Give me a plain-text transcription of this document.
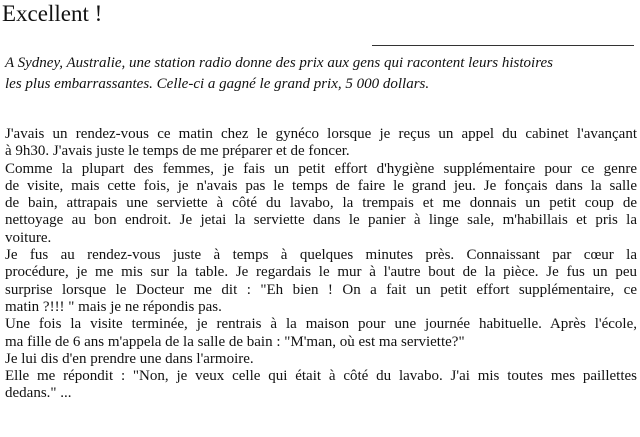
Excellent !

A Sydney, Australie, une station radio donne des prix aux gens qui racontent leurs histoires
les plus embarrassantes. Celle-ci a gagné le grand prix, 5 000 dollars.

J'avais un rendez-vous ce matin chez le gynéco lorsque je reçus un appel du cabinet l'avançant
à 9h30. J'avais juste le temps de me préparer et de foncer.
Comme la plupart des femmes, je fais un petit effort d'hygiène supplémentaire pour ce genre
de visite, mais cette fois, je n'avais pas le temps de faire le grand jeu. Je fonçais dans la salle
de bain, attrapais une serviette à côté du lavabo, la trempais et me donnais un petit coup de
nettoyage au bon endroit. Je jetai la serviette dans le panier à linge sale, m'habillais et pris la
voiture.
Je fus au rendez-vous juste à temps à quelques minutes près. Connaissant par cœur la
procédure, je me mis sur la table. Je regardais le mur à l'autre bout de la pièce. Je fus un peu
surprise lorsque le Docteur me dit : "Eh bien ! On a fait un petit effort supplémentaire, ce
matin ?!!! " mais je ne répondis pas.
Une fois la visite terminée, je rentrais à la maison pour une journée habituelle. Après l'école,
ma fille de 6 ans m'appela de la salle de bain : "M'man, où est ma serviette?"
Je lui dis d'en prendre une dans l'armoire.
Elle me répondit : "Non, je veux celle qui était à côté du lavabo. J'ai mis toutes mes paillettes
dedans." ...
